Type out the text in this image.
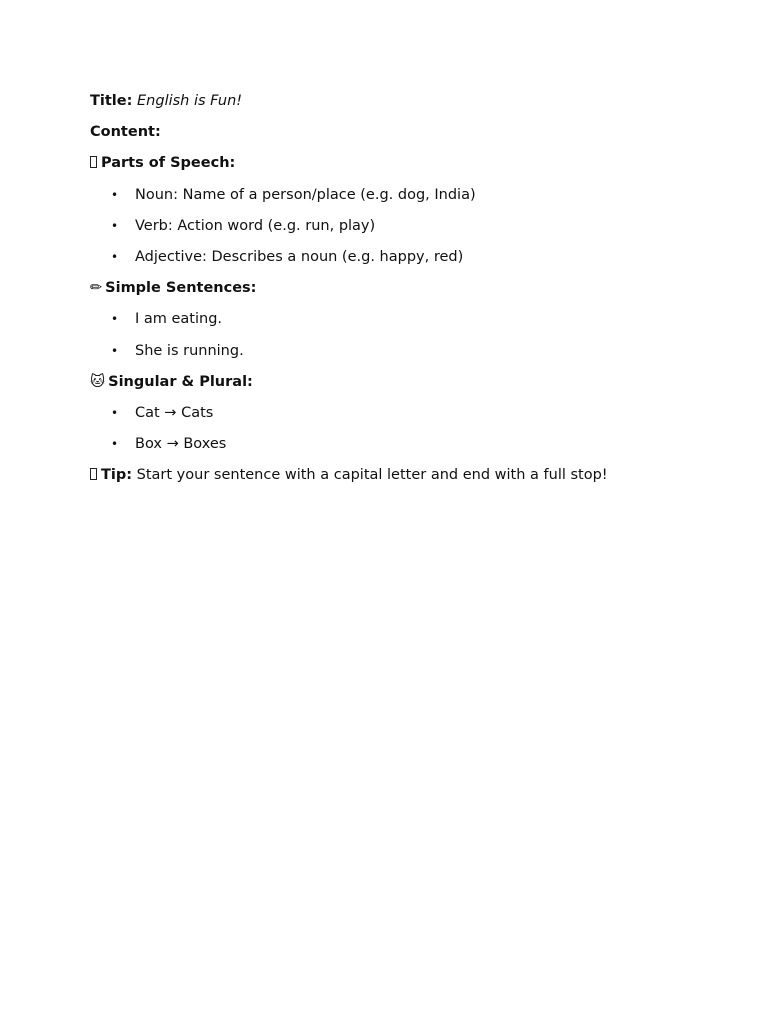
Title: English is Fun!
Content:
Parts of Speech:
• Noun: Name of a person/place (e.g. dog, India)
• Verb: Action word (e.g. run, play)
• Adjective: Describes a noun (e.g. happy, red)
✏ Simple Sentences:
• I am eating.
• She is running.
🐱 Singular & Plural:
• Cat → Cats
• Box → Boxes
Tip: Start your sentence with a capital letter and end with a full stop!
